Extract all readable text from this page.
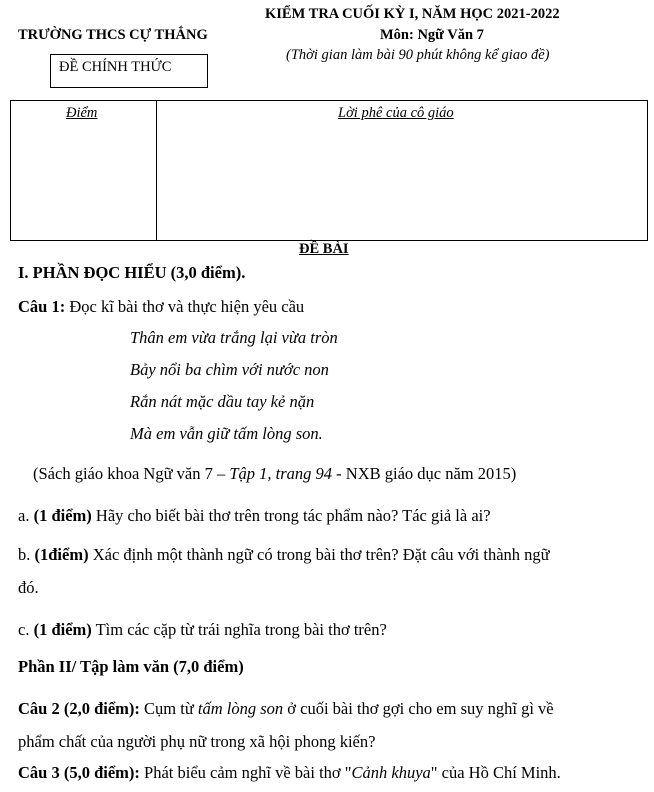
TRƯỜNG THCS CỰ THẮNG
ĐỀ CHÍNH THỨC
KIỂM TRA CUỐI KỲ I, NĂM HỌC 2021-2022
Môn: Ngữ Văn 7
(Thời gian làm bài 90 phút không kể giao đề)
Điểm	Lời phê của cô giáo
ĐỀ BÀI
I. PHẦN ĐỌC HIỂU (3,0 điểm).
Câu 1: Đọc kĩ bài thơ và thực hiện yêu cầu
Thân em vừa trắng lại vừa tròn
Bảy nổi ba chìm với nước non
Rắn nát mặc dầu tay kẻ nặn
Mà em vẫn giữ tấm lòng son.
(Sách giáo khoa Ngữ văn 7 – Tập 1, trang 94 - NXB giáo dục năm 2015)
a. (1 điểm) Hãy cho biết bài thơ trên trong tác phẩm nào? Tác giả là ai?
b. (1điểm) Xác định một thành ngữ có trong bài thơ trên? Đặt câu với thành ngữ
đó.
c. (1 điểm) Tìm các cặp từ trái nghĩa trong bài thơ trên?
Phần II/ Tập làm văn (7,0 điểm)
Câu 2 (2,0 điểm): Cụm từ tấm lòng son ở cuối bài thơ gợi cho em suy nghĩ gì về
phẩm chất của người phụ nữ trong xã hội phong kiến?
Câu 3 (5,0 điểm): Phát biểu cảm nghĩ về bài thơ "Cảnh khuya" của Hồ Chí Minh.
